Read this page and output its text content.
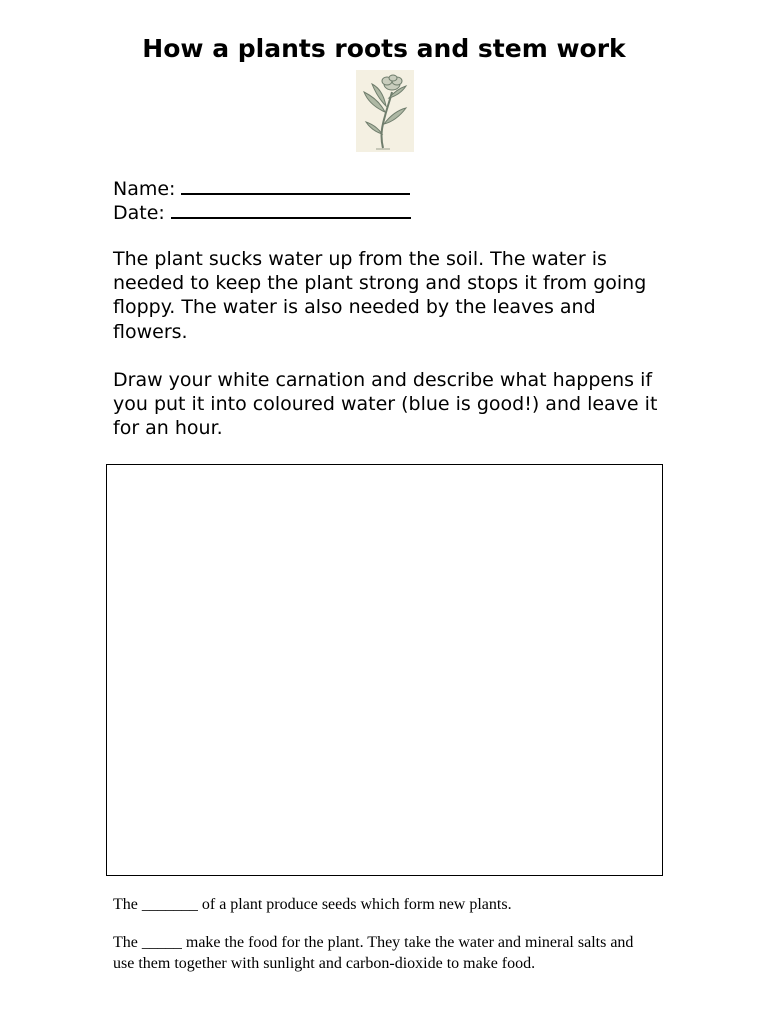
How a plants roots and stem work
Name:
Date:

The plant sucks water up from the soil. The water is needed to keep the plant strong and stops it from going floppy. The water is also needed by the leaves and flowers.

Draw your white carnation and describe what happens if you put it into coloured water (blue is good!) and leave it for an hour.

The _______ of a plant produce seeds which form new plants.

The _____ make the food for the plant. They take the water and mineral salts and use them together with sunlight and carbon-dioxide to make food.
